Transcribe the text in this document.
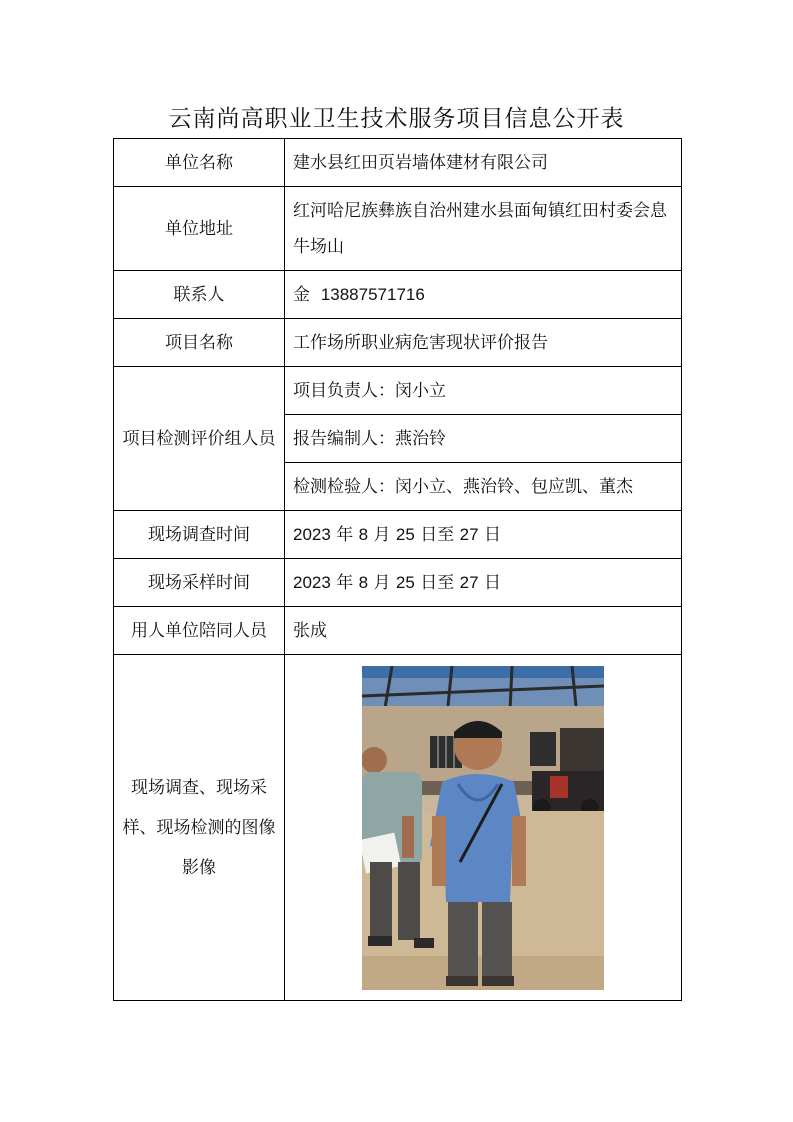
云南尚高职业卫生技术服务项目信息公开表
单位名称	建水县红田页岩墙体建材有限公司
单位地址	红河哈尼族彝族自治州建水县面甸镇红田村委会息牛场山
联系人	金 13887571716
项目名称	工作场所职业病危害现状评价报告
项目检测评价组人员	项目负责人：闵小立
	报告编制人：燕治铃
	检测检验人：闵小立、燕治铃、包应凯、董杰
现场调查时间	2023 年 8 月 25 日至 27 日
现场采样时间	2023 年 8 月 25 日至 27 日
用人单位陪同人员	张成
现场调查、现场采样、现场检测的图像影像	
